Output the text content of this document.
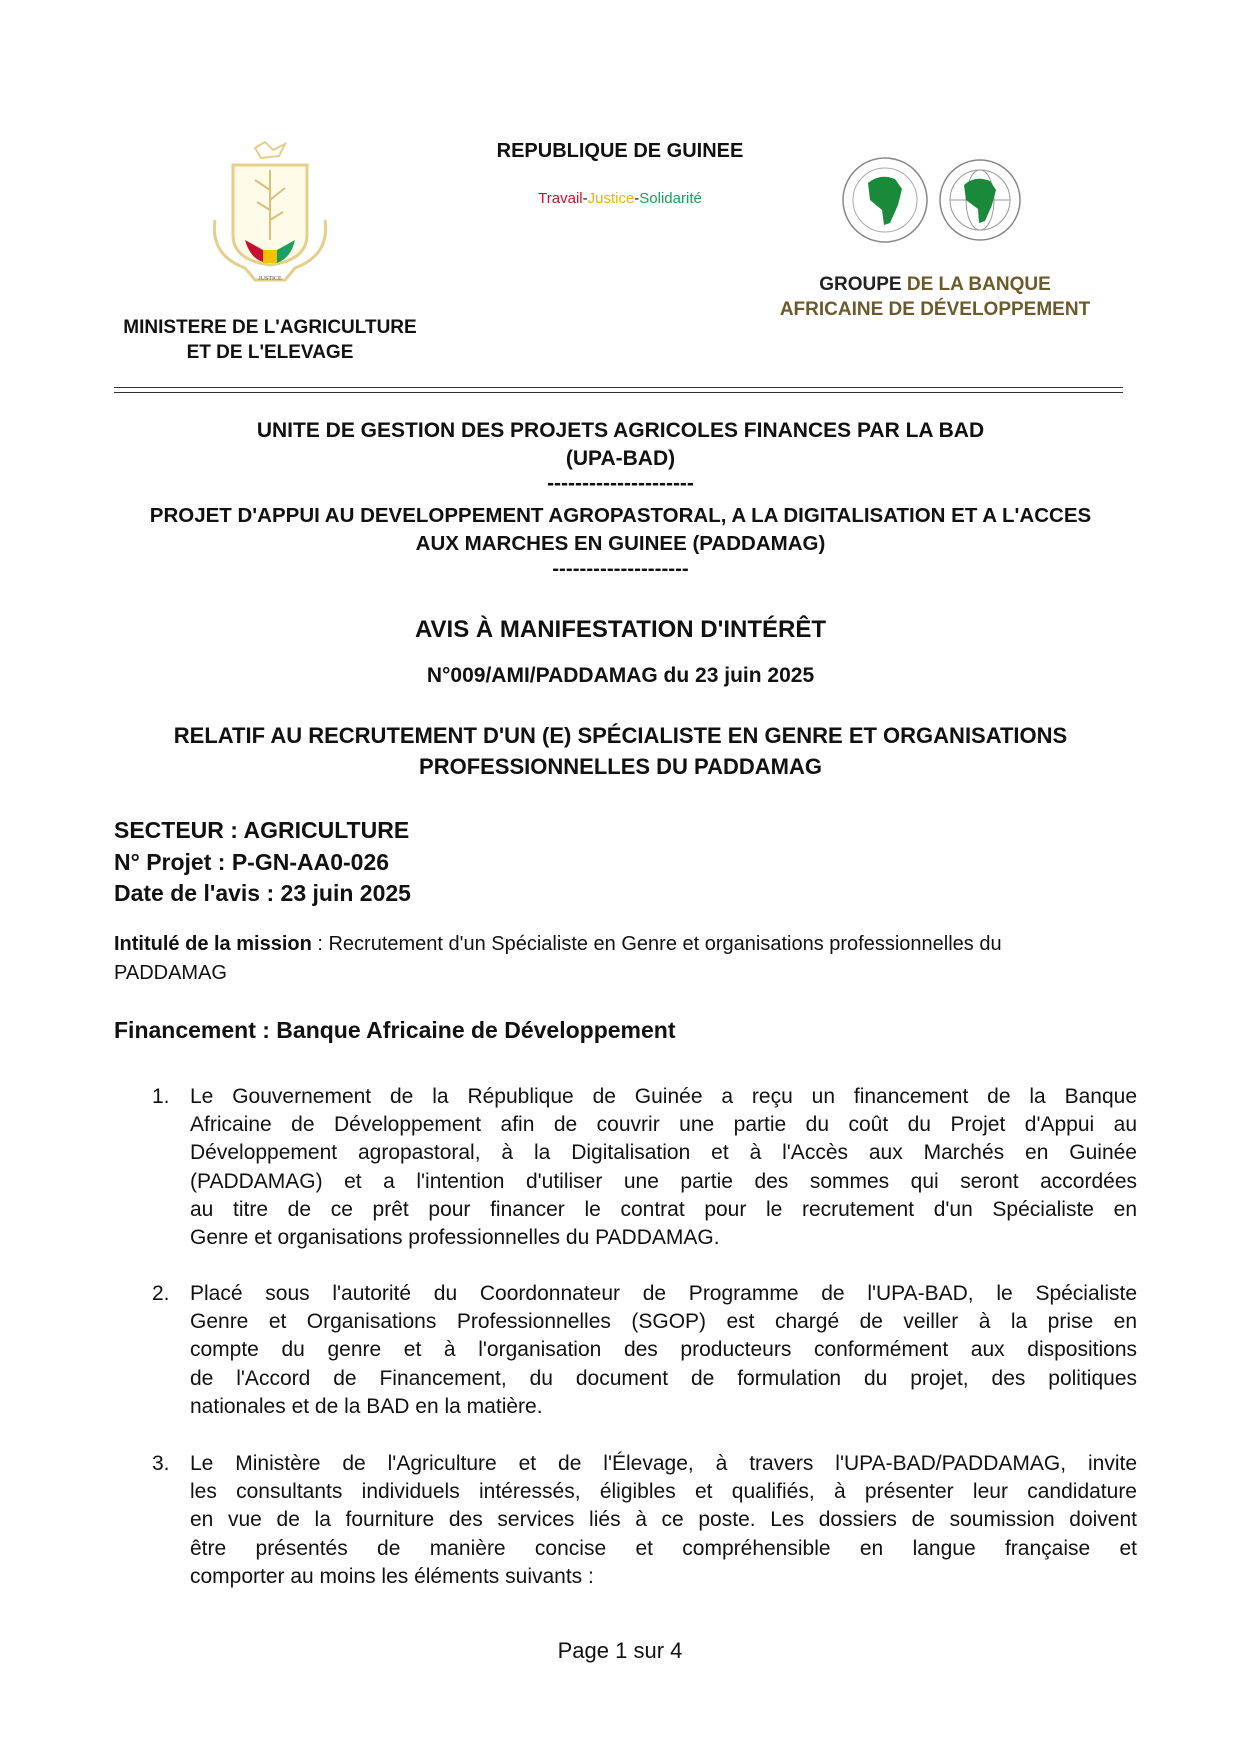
JUSTICE
REPUBLIQUE DE GUINEE
Travail-Justice-Solidarité
GROUPE DE LA BANQUE
AFRICAINE DE DÉVELOPPEMENT
MINISTERE DE L'AGRICULTURE
ET DE L'ELEVAGE
UNITE DE GESTION DES PROJETS AGRICOLES FINANCES PAR LA BAD
(UPA-BAD)
---------------------
PROJET D'APPUI AU DEVELOPPEMENT AGROPASTORAL, A LA DIGITALISATION ET A L'ACCES
AUX MARCHES EN GUINEE (PADDAMAG)
--------------------
AVIS À MANIFESTATION D'INTÉRÊT
N°009/AMI/PADDAMAG du 23 juin 2025
RELATIF AU RECRUTEMENT D'UN (E) SPÉCIALISTE EN GENRE ET ORGANISATIONS
PROFESSIONNELLES DU PADDAMAG
SECTEUR : AGRICULTURE
N° Projet : P-GN-AA0-026
Date de l'avis : 23 juin 2025
Intitulé de la mission : Recrutement d'un Spécialiste en Genre et organisations professionnelles du
PADDAMAG
Financement : Banque Africaine de Développement
1. Le Gouvernement de la République de Guinée a reçu un financement de la Banque
Africaine de Développement afin de couvrir une partie du coût du Projet d'Appui au
Développement agropastoral, à la Digitalisation et à l'Accès aux Marchés en Guinée
(PADDAMAG) et a l'intention d'utiliser une partie des sommes qui seront accordées
au titre de ce prêt pour financer le contrat pour le recrutement d'un Spécialiste en
Genre et organisations professionnelles du PADDAMAG.
2. Placé sous l'autorité du Coordonnateur de Programme de l'UPA-BAD, le Spécialiste
Genre et Organisations Professionnelles (SGOP) est chargé de veiller à la prise en
compte du genre et à l'organisation des producteurs conformément aux dispositions
de l'Accord de Financement, du document de formulation du projet, des politiques
nationales et de la BAD en la matière.
3. Le Ministère de l'Agriculture et de l'Élevage, à travers l'UPA-BAD/PADDAMAG, invite
les consultants individuels intéressés, éligibles et qualifiés, à présenter leur candidature
en vue de la fourniture des services liés à ce poste. Les dossiers de soumission doivent
être présentés de manière concise et compréhensible en langue française et
comporter au moins les éléments suivants :
Page 1 sur 4
